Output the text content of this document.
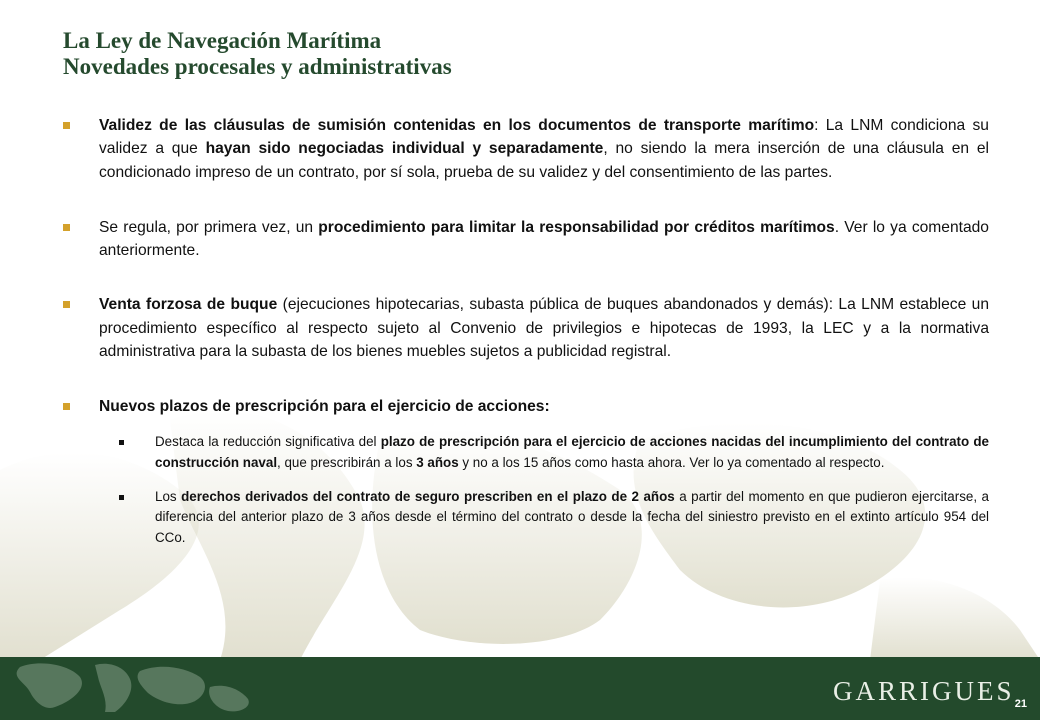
La Ley de Navegación Marítima
Novedades procesales y administrativas

Validez de las cláusulas de sumisión contenidas en los documentos de transporte marítimo: La LNM condiciona su validez a que hayan sido negociadas individual y separadamente, no siendo la mera inserción de una cláusula en el condicionado impreso de un contrato, por sí sola, prueba de su validez y del consentimiento de las partes.

Se regula, por primera vez, un procedimiento para limitar la responsabilidad por créditos marítimos. Ver lo ya comentado anteriormente.

Venta forzosa de buque (ejecuciones hipotecarias, subasta pública de buques abandonados y demás): La LNM establece un procedimiento específico al respecto sujeto al Convenio de privilegios e hipotecas de 1993, la LEC y a la normativa administrativa para la subasta de los bienes muebles sujetos a publicidad registral.

Nuevos plazos de prescripción para el ejercicio de acciones:

Destaca la reducción significativa del plazo de prescripción para el ejercicio de acciones nacidas del incumplimiento del contrato de construcción naval, que prescribirán a los 3 años y no a los 15 años como hasta ahora. Ver lo ya comentado al respecto.

Los derechos derivados del contrato de seguro prescriben en el plazo de 2 años a partir del momento en que pudieron ejercitarse, a diferencia del anterior plazo de 3 años desde el término del contrato o desde la fecha del siniestro previsto en el extinto artículo 954 del CCo.

GARRIGUES 21
